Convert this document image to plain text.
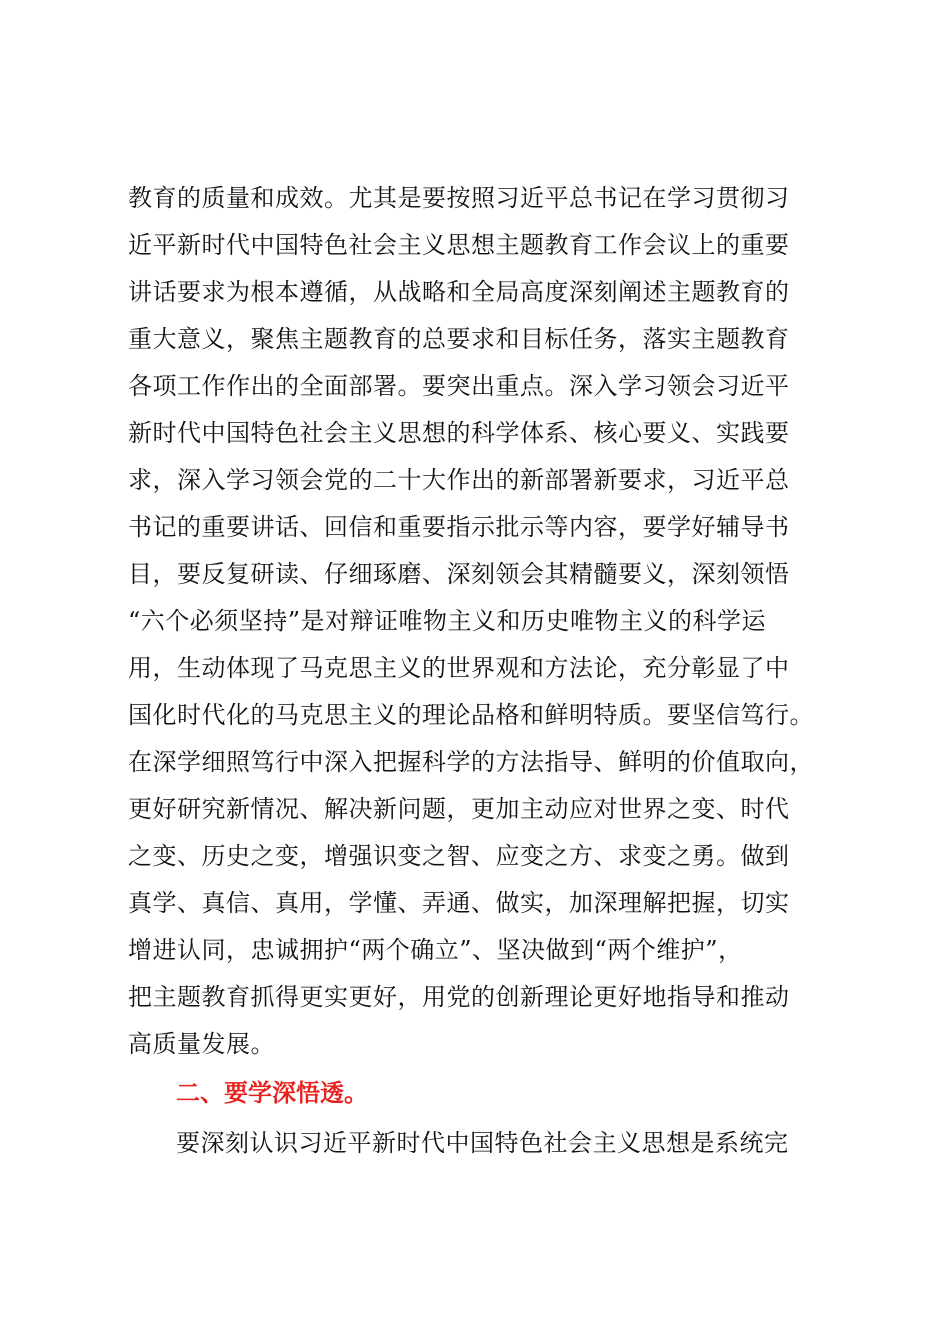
教育的质量和成效。尤其是要按照习近平总书记在学习贯彻习
近平新时代中国特色社会主义思想主题教育工作会议上的重要
讲话要求为根本遵循，从战略和全局高度深刻阐述主题教育的
重大意义，聚焦主题教育的总要求和目标任务，落实主题教育
各项工作作出的全面部署。要突出重点。深入学习领会习近平
新时代中国特色社会主义思想的科学体系、核心要义、实践要
求，深入学习领会党的二十大作出的新部署新要求，习近平总
书记的重要讲话、回信和重要指示批示等内容，要学好辅导书
目，要反复研读、仔细琢磨、深刻领会其精髓要义，深刻领悟
“六个必须坚持”是对辩证唯物主义和历史唯物主义的科学运
用，生动体现了马克思主义的世界观和方法论，充分彰显了中
国化时代化的马克思主义的理论品格和鲜明特质。要坚信笃行。
在深学细照笃行中深入把握科学的方法指导、鲜明的价值取向，
更好研究新情况、解决新问题，更加主动应对世界之变、时代
之变、历史之变，增强识变之智、应变之方、求变之勇。做到
真学、真信、真用，学懂、弄通、做实，加深理解把握，切实
增进认同，忠诚拥护“两个确立”、坚决做到“两个维护”，
把主题教育抓得更实更好，用党的创新理论更好地指导和推动
高质量发展。
二、要学深悟透。
要深刻认识习近平新时代中国特色社会主义思想是系统完
